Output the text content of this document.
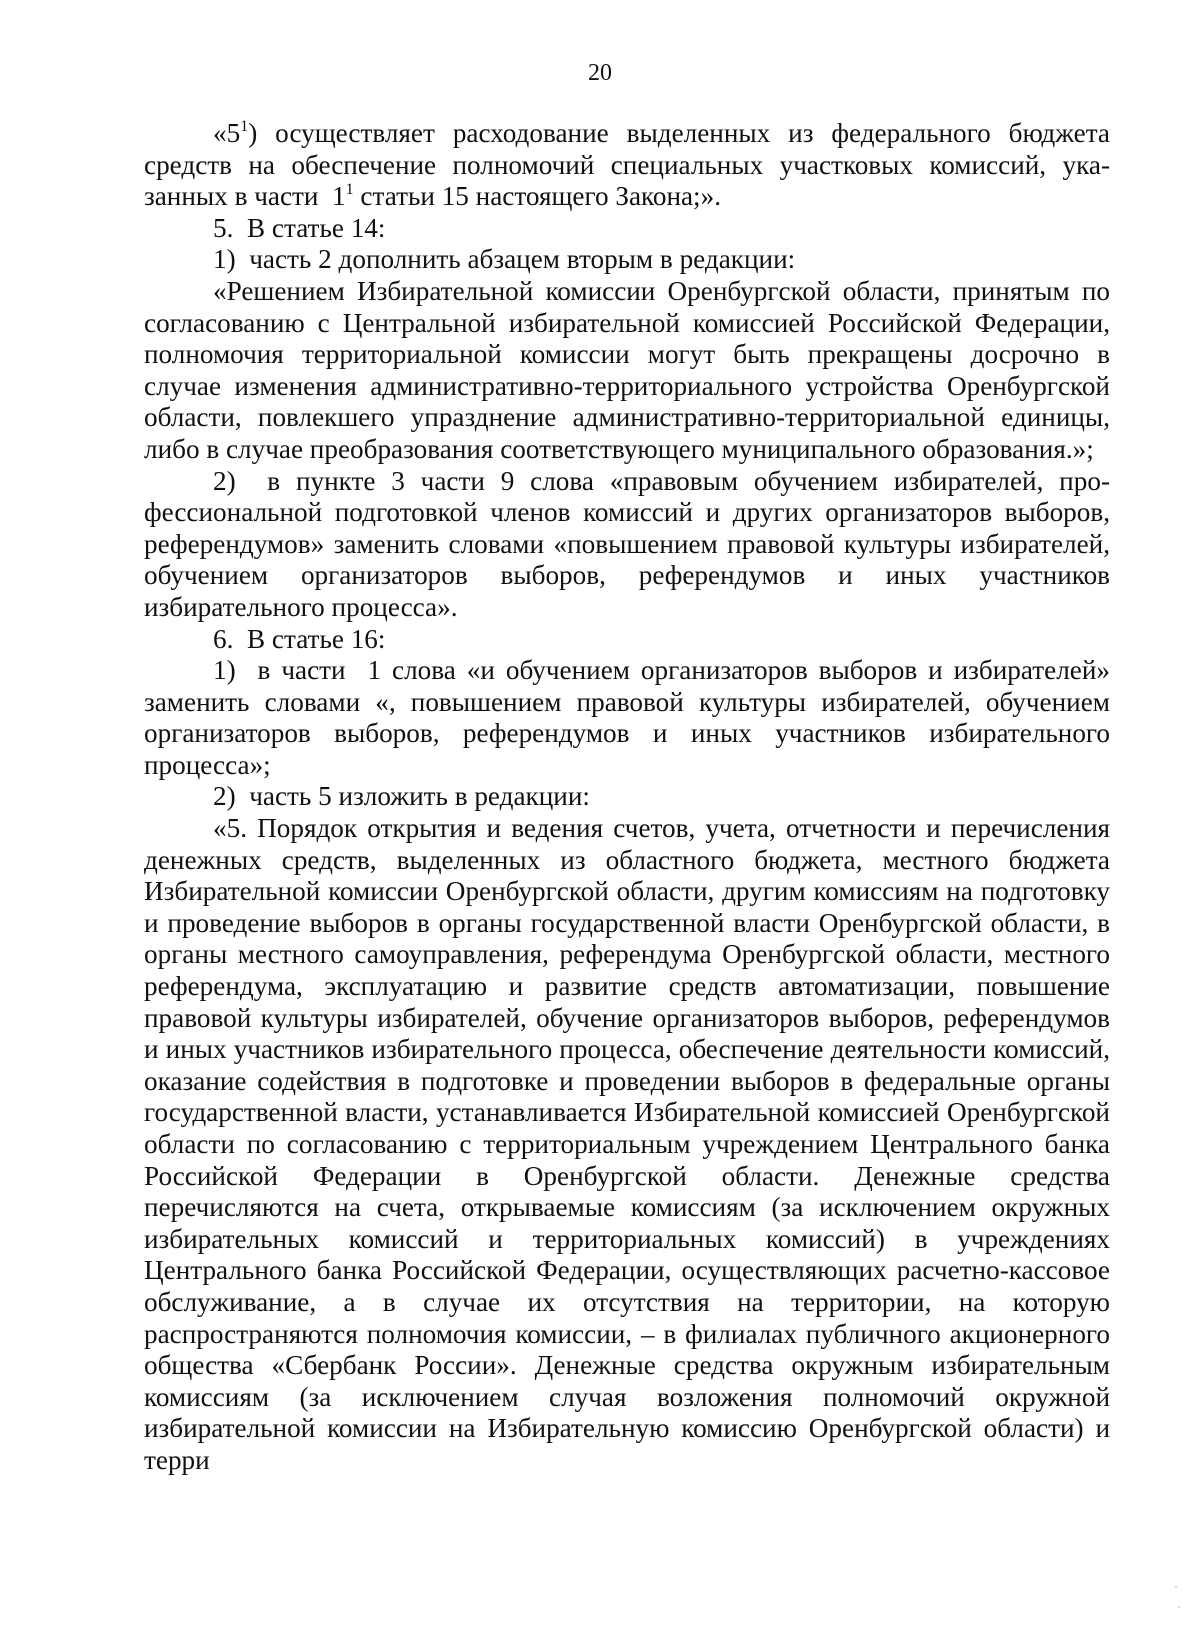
20

«$5^1$) осуществляет расходование выделенных из федерального бюджета средств на обеспечение полномочий специальных участковых комиссий, указанных в части  $1^1$ статьи 15 настоящего Закона;».

5.  В статье 14:

1)  часть 2 дополнить абзацем вторым в редакции:

«Решением Избирательной комиссии Оренбургской области, принятым по согласованию с Центральной избирательной комиссией Российской Федерации, полномочия территориальной комиссии могут быть прекращены досрочно в случае изменения административно-территориального устройства Оренбургской области, повлекшего упразднение административно-территориальной единицы, либо в случае преобразования соответствующего муниципального образования.»;

2)  в пункте 3 части 9 слова «правовым обучением избирателей, профессиональной подготовкой членов комиссий и других организаторов выборов, референдумов» заменить словами «повышением правовой культуры избирателей, обучением организаторов выборов, референдумов и иных участников избирательного процесса».

6.  В статье 16:

1)  в части  1 слова «и обучением организаторов выборов и избирателей» заменить словами «, повышением правовой культуры избирателей, обучением организаторов выборов, референдумов и иных участников избирательного процесса»;

2)  часть 5 изложить в редакции:

«5. Порядок открытия и ведения счетов, учета, отчетности и перечисления денежных средств, выделенных из областного бюджета, местного бюджета Избирательной комиссии Оренбургской области, другим комиссиям на подготовку и проведение выборов в органы государственной власти Оренбургской области, в органы местного самоуправления, референдума Оренбургской области, местного референдума, эксплуатацию и развитие средств автоматизации, повышение правовой культуры избирателей, обучение организаторов выборов, референдумов и иных участников избирательного процесса, обеспечение деятельности комиссий, оказание содействия в подготовке и проведении выборов в федеральные органы государственной власти, устанавливается Избирательной комиссией Оренбургской области по согласованию с территориальным учреждением Центрального банка Российской Федерации в Оренбургской области. Денежные средства перечисляются на счета, открываемые комиссиям (за исключением окружных избирательных комиссий и территориальных комиссий) в учреждениях Центрального банка Российской Федерации, осуществляющих расчетно-кассовое обслуживание, а в случае их отсутствия на территории, на которую распространяются полномочия комиссии, – в филиалах публичного акционерного общества «Сбербанк России». Денежные средства окружным избирательным комиссиям (за исключением случая возложения полномочий окружной избирательной комиссии на Избирательную комиссию Оренбургской области) и терри
